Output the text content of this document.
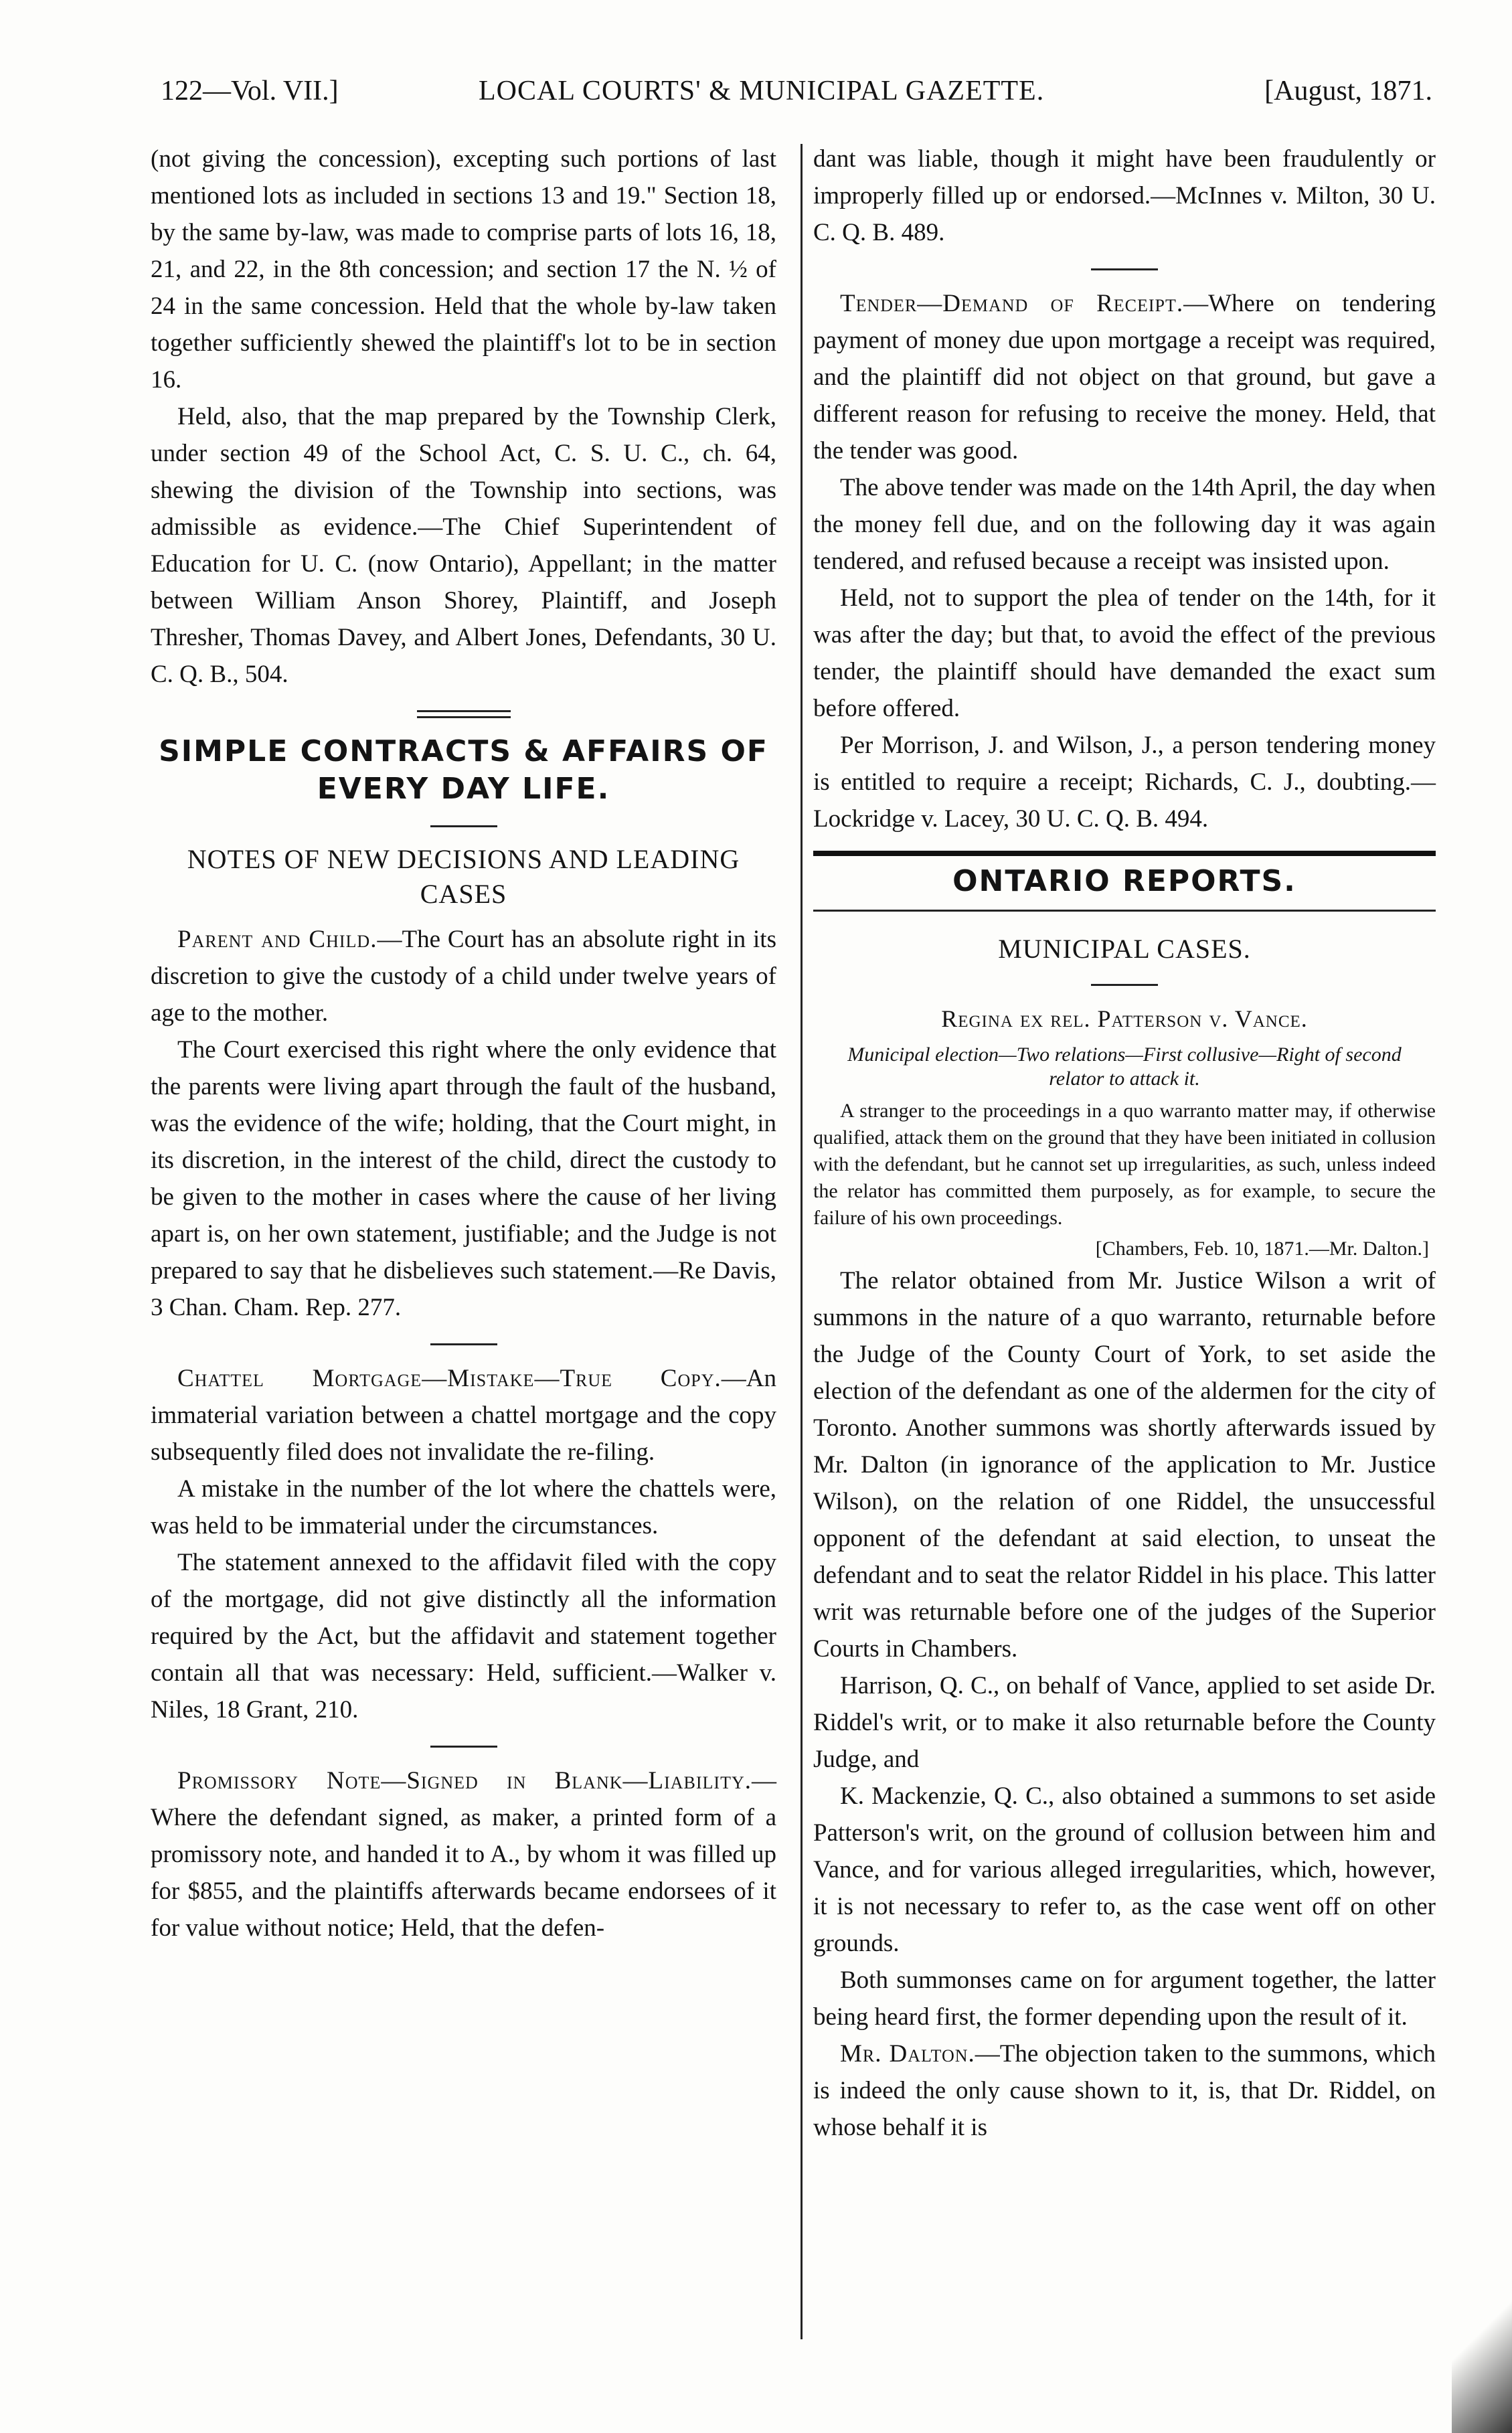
122—Vol. VII.]	LOCAL COURTS' & MUNICIPAL GAZETTE.	[August, 1871.

(not giving the concession), excepting such portions of last mentioned lots as included in sections 13 and 19." Section 18, by the same by-law, was made to comprise parts of lots 16, 18, 21, and 22, in the 8th concession; and section 17 the N. ½ of 24 in the same concession. Held that the whole by-law taken together sufficiently shewed the plaintiff's lot to be in section 16.

Held, also, that the map prepared by the Township Clerk, under section 49 of the School Act, C. S. U. C., ch. 64, shewing the division of the Township into sections, was admissible as evidence.—The Chief Superintendent of Education for U. C. (now Ontario), Appellant; in the matter between William Anson Shorey, Plaintiff, and Joseph Thresher, Thomas Davey, and Albert Jones, Defendants, 30 U. C. Q. B., 504.

SIMPLE CONTRACTS & AFFAIRS OF EVERY DAY LIFE.
NOTES OF NEW DECISIONS AND LEADING CASES

Parent and Child.—The Court has an absolute right in its discretion to give the custody of a child under twelve years of age to the mother.

The Court exercised this right where the only evidence that the parents were living apart through the fault of the husband, was the evidence of the wife; holding, that the Court might, in its discretion, in the interest of the child, direct the custody to be given to the mother in cases where the cause of her living apart is, on her own statement, justifiable; and the Judge is not prepared to say that he disbelieves such statement.—Re Davis, 3 Chan. Cham. Rep. 277.

Chattel Mortgage—Mistake—True Copy.—An immaterial variation between a chattel mortgage and the copy subsequently filed does not invalidate the re-filing.

A mistake in the number of the lot where the chattels were, was held to be immaterial under the circumstances.

The statement annexed to the affidavit filed with the copy of the mortgage, did not give distinctly all the information required by the Act, but the affidavit and statement together contain all that was necessary: Held, sufficient.—Walker v. Niles, 18 Grant, 210.

Promissory Note—Signed in Blank—Liability.—Where the defendant signed, as maker, a printed form of a promissory note, and handed it to A., by whom it was filled up for $855, and the plaintiffs afterwards became endorsees of it for value without notice; Held, that the defen-

dant was liable, though it might have been fraudulently or improperly filled up or endorsed.—McInnes v. Milton, 30 U. C. Q. B. 489.

Tender—Demand of Receipt.—Where on tendering payment of money due upon mortgage a receipt was required, and the plaintiff did not object on that ground, but gave a different reason for refusing to receive the money. Held, that the tender was good.

The above tender was made on the 14th April, the day when the money fell due, and on the following day it was again tendered, and refused because a receipt was insisted upon.

Held, not to support the plea of tender on the 14th, for it was after the day; but that, to avoid the effect of the previous tender, the plaintiff should have demanded the exact sum before offered.

Per Morrison, J. and Wilson, J., a person tendering money is entitled to require a receipt; Richards, C. J., doubting.—Lockridge v. Lacey, 30 U. C. Q. B. 494.

ONTARIO REPORTS.
MUNICIPAL CASES.
Regina ex rel. Patterson v. Vance.
Municipal election—Two relations—First collusive—Right of second relator to attack it.

A stranger to the proceedings in a quo warranto matter may, if otherwise qualified, attack them on the ground that they have been initiated in collusion with the defendant, but he cannot set up irregularities, as such, unless indeed the relator has committed them purposely, as for example, to secure the failure of his own proceedings.

[Chambers, Feb. 10, 1871.—Mr. Dalton.]

The relator obtained from Mr. Justice Wilson a writ of summons in the nature of a quo warranto, returnable before the Judge of the County Court of York, to set aside the election of the defendant as one of the aldermen for the city of Toronto. Another summons was shortly afterwards issued by Mr. Dalton (in ignorance of the application to Mr. Justice Wilson), on the relation of one Riddel, the unsuccessful opponent of the defendant at said election, to unseat the defendant and to seat the relator Riddel in his place. This latter writ was returnable before one of the judges of the Superior Courts in Chambers.

Harrison, Q. C., on behalf of Vance, applied to set aside Dr. Riddel's writ, or to make it also returnable before the County Judge, and

K. Mackenzie, Q. C., also obtained a summons to set aside Patterson's writ, on the ground of collusion between him and Vance, and for various alleged irregularities, which, however, it is not necessary to refer to, as the case went off on other grounds.

Both summonses came on for argument together, the latter being heard first, the former depending upon the result of it.

Mr. Dalton.—The objection taken to the summons, which is indeed the only cause shown to it, is, that Dr. Riddel, on whose behalf it is
